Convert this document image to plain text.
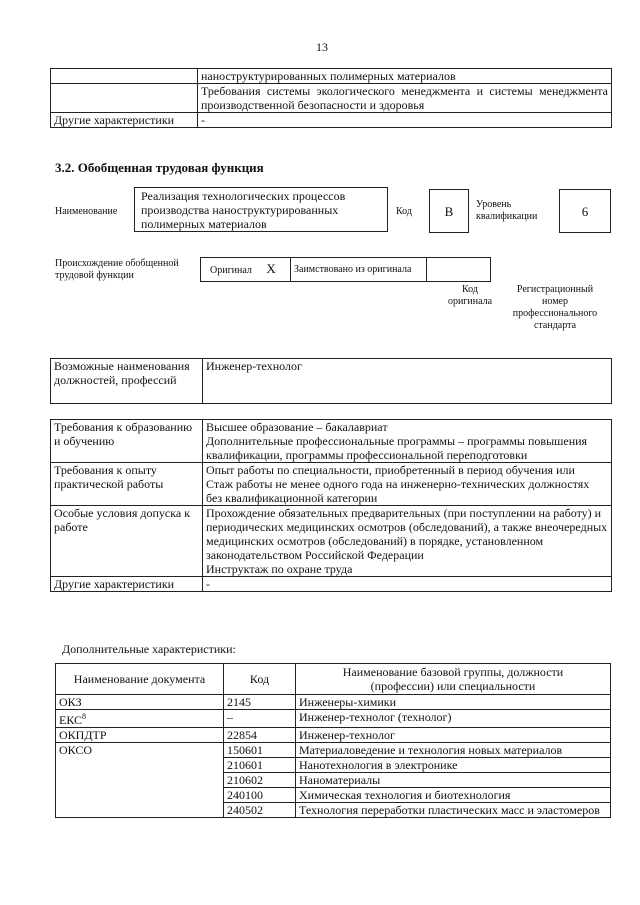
13
	наноструктурированных полимерных материалов
	Требования системы экологического менеджмента и системы менеджмента производственной безопасности и здоровья
Другие характеристики	-
3.2. Обобщенная трудовая функция
Наименование
Реализация технологических процессов производства наноструктурированных полимерных материалов
Код	В	Уровень квалификации	6
Происхождение обобщенной трудовой функции	Оригинал Х	Заимствовано из оригинала		
Код оригинала
Регистрационный номер профессионального стандарта
Возможные наименования должностей, профессий	Инженер-технолог
Требования к образованию и обучению	Высшее образование – бакалавриат
Дополнительные профессиональные программы – программы повышения квалификации, программы профессиональной переподготовки

Требования к опыту практической работы	Опыт работы по специальности, приобретенный в период обучения или
Стаж работы не менее одного года на инженерно-технических должностях без квалификационной категории

Особые условия допуска к работе	Прохождение обязательных предварительных (при поступлении на работу) и периодических медицинских осмотров (обследований), а также внеочередных медицинских осмотров (обследований) в порядке, установленном законодательством Российской Федерации
Инструктаж по охране труда

Другие характеристики	-
Дополнительные характеристики:
Наименование документа	Код	Наименование базовой группы, должности (профессии) или специальности
ОКЗ	2145	Инженеры-химики
ЕКС$^8$	–	Инженер-технолог (технолог)
ОКПДТР	22854	Инженер-технолог
ОКСО	150601	Материаловедение и технология новых материалов
	210601	Нанотехнология в электронике
	210602	Наноматериалы
	240100	Химическая технология и биотехнология
	240502	Технология переработки пластических масс и эластомеров
